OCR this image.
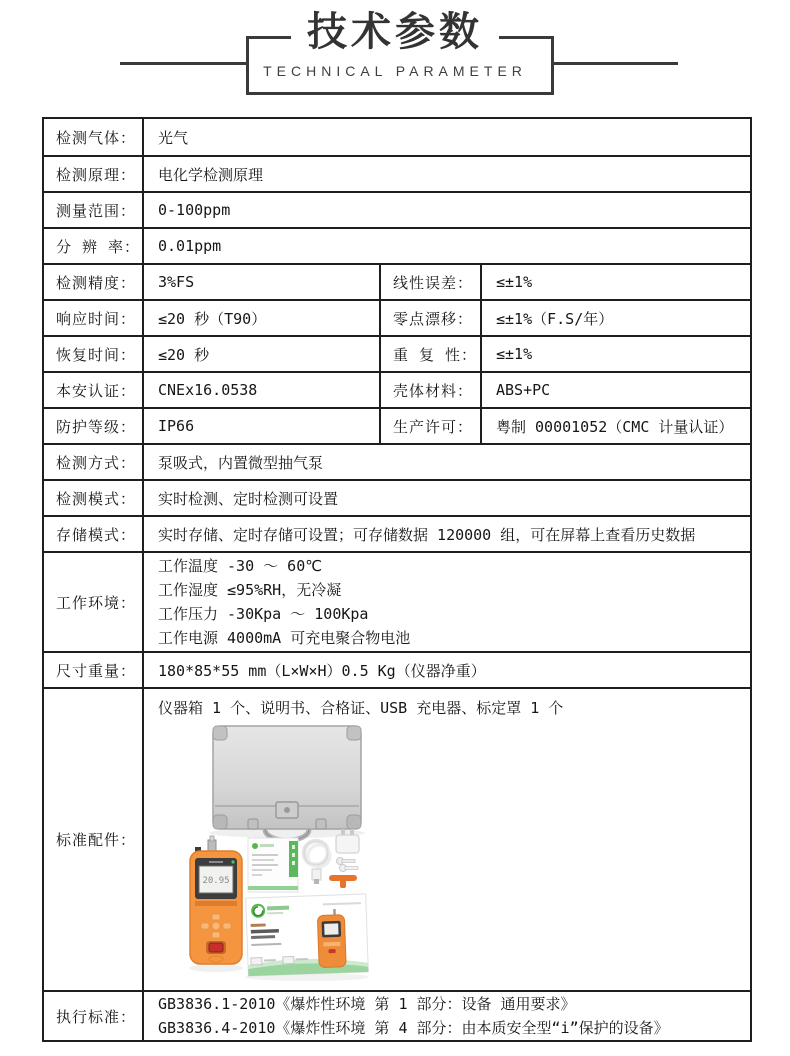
技术参数
TECHNICAL PARAMETER
检测气体：	光气
检测原理：	电化学检测原理
测量范围：	0-100ppm
分 辨 率：	0.01ppm
检测精度：	3%FS	线性误差：	≤±1%
响应时间：	≤20 秒（T90）	零点漂移：	≤±1%（F.S/年）
恢复时间：	≤20 秒	重 复 性：	≤±1%
本安认证：	CNEx16.0538	壳体材料：	ABS+PC
防护等级：	IP66	生产许可：	粤制 00001052（CMC 计量认证）
检测方式：	泵吸式，内置微型抽气泵
检测模式：	实时检测、定时检测可设置
存储模式：	实时存储、定时存储可设置；可存储数据 120000 组，可在屏幕上查看历史数据
工作环境：
工作温度 -30 ～ 60℃
工作湿度 ≤95%RH，无冷凝
工作压力 -30Kpa ～ 100Kpa
工作电源 4000mA 可充电聚合物电池
尺寸重量：	180*85*55 mm（L×W×H）0.5 Kg（仪器净重）
标准配件：
仪器箱 1 个、说明书、合格证、USB 充电器、标定罩 1 个
20.95
执行标准：
GB3836.1-2010《爆炸性环境 第 1 部分：设备 通用要求》
GB3836.4-2010《爆炸性环境 第 4 部分：由本质安全型“i”保护的设备》
